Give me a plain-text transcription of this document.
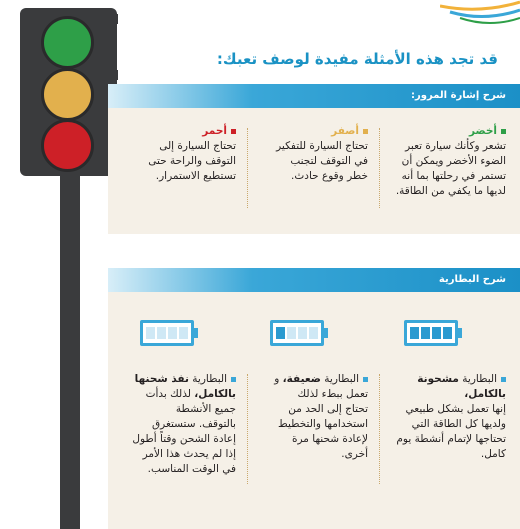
قد تجد هذه الأمثلة مفيدة لوصف تعبك:
شرح إشارة المرور:
أخضر
تشعر وكأنك سيارة تعبر
الضوء الأخضر ويمكن أن
تستمر في رحلتها بما أنه
لديها ما يكفي من الطاقة.
أصفر
تحتاج السيارة للتفكير
في التوقف لتجنب
خطر وقوع حادث.
أحمر
تحتاج السيارة إلى
التوقف والراحة حتى
تستطيع الاستمرار.
شرح البطارية
البطارية مشحونة بالكامل،
إنها تعمل بشكل طبيعي
ولديها كل الطاقة التي
تحتاجها لإتمام أنشطة يوم
كامل.
البطارية ضعيفة، و
تعمل ببطء لذلك
تحتاج إلى الحد من
استخدامها والتخطيط
لإعادة شحنها مرة
أخرى.
البطارية نفذ شحنها
بالكامل، لذلك بدأت
جميع الأنشطة
بالتوقف. ستستغرق
إعادة الشحن وقتاً أطول
إذا لم يحدث هذا الأمر
في الوقت المناسب.
